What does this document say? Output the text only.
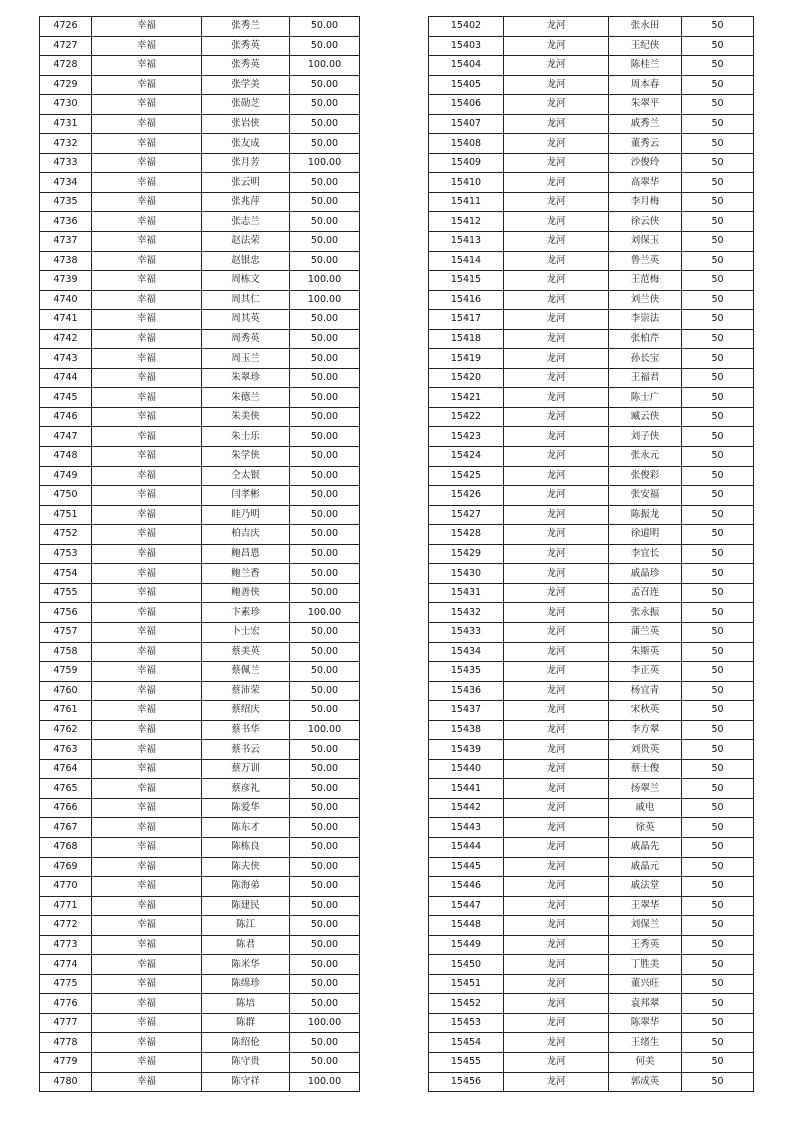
4726	幸福	张秀兰	50.00
4727	幸福	张秀英	50.00
4728	幸福	张秀英	100.00
4729	幸福	张学美	50.00
4730	幸福	张勋芝	50.00
4731	幸福	张岩侠	50.00
4732	幸福	张友成	50.00
4733	幸福	张月芳	100.00
4734	幸福	张云明	50.00
4735	幸福	张兆萍	50.00
4736	幸福	张志兰	50.00
4737	幸福	赵法荣	50.00
4738	幸福	赵银忠	50.00
4739	幸福	周栋文	100.00
4740	幸福	周其仁	100.00
4741	幸福	周其英	50.00
4742	幸福	周秀英	50.00
4743	幸福	周玉兰	50.00
4744	幸福	朱翠珍	50.00
4745	幸福	朱德兰	50.00
4746	幸福	朱美侠	50.00
4747	幸福	朱士乐	50.00
4748	幸福	朱学侠	50.00
4749	幸福	仝太银	50.00
4750	幸福	闫孝彬	50.00
4751	幸福	眭乃明	50.00
4752	幸福	柏吉庆	50.00
4753	幸福	鲍昌恩	50.00
4754	幸福	鲍兰香	50.00
4755	幸福	鲍善侠	50.00
4756	幸福	卞素珍	100.00
4757	幸福	卜士宏	50.00
4758	幸福	蔡美英	50.00
4759	幸福	蔡佩兰	50.00
4760	幸福	蔡沛荣	50.00
4761	幸福	蔡绍庆	50.00
4762	幸福	蔡书华	100.00
4763	幸福	蔡书云	50.00
4764	幸福	蔡万训	50.00
4765	幸福	蔡彦礼	50.00
4766	幸福	陈爱华	50.00
4767	幸福	陈东才	50.00
4768	幸福	陈栋良	50.00
4769	幸福	陈夫侠	50.00
4770	幸福	陈海弟	50.00
4771	幸福	陈建民	50.00
4772	幸福	陈江	50.00
4773	幸福	陈君	50.00
4774	幸福	陈米华	50.00
4775	幸福	陈绵珍	50.00
4776	幸福	陈培	50.00
4777	幸福	陈群	100.00
4778	幸福	陈绍伦	50.00
4779	幸福	陈守贵	50.00
4780	幸福	陈守祥	100.00
15402	龙河	张永田	50
15403	龙河	王纪侠	50
15404	龙河	陈桂兰	50
15405	龙河	周本春	50
15406	龙河	朱翠平	50
15407	龙河	戚秀兰	50
15408	龙河	董秀云	50
15409	龙河	沙俊玲	50
15410	龙河	高翠华	50
15411	龙河	李月梅	50
15412	龙河	徐云侠	50
15413	龙河	刘保玉	50
15414	龙河	鲁兰英	50
15415	龙河	王范梅	50
15416	龙河	刘兰侠	50
15417	龙河	李崇法	50
15418	龙河	张柏芹	50
15419	龙河	孙长宝	50
15420	龙河	王福君	50
15421	龙河	陈士广	50
15422	龙河	臧云侠	50
15423	龙河	刘子侠	50
15424	龙河	张永元	50
15425	龙河	张俊彩	50
15426	龙河	张安福	50
15427	龙河	陈振龙	50
15428	龙河	徐道明	50
15429	龙河	李宜长	50
15430	龙河	戚晶珍	50
15431	龙河	孟召连	50
15432	龙河	张永振	50
15433	龙河	蒲兰英	50
15434	龙河	朱斯英	50
15435	龙河	李正英	50
15436	龙河	杨宜青	50
15437	龙河	宋秋英	50
15438	龙河	李方翠	50
15439	龙河	刘贵英	50
15440	龙河	蔡士俊	50
15441	龙河	扬翠兰	50
15442	龙河	戚电	50
15443	龙河	徐英	50
15444	龙河	戚晶先	50
15445	龙河	戚晶元	50
15446	龙河	戚法堂	50
15447	龙河	王翠华	50
15448	龙河	刘保兰	50
15449	龙河	王秀英	50
15450	龙河	丁胜美	50
15451	龙河	董兴旺	50
15452	龙河	袁邦翠	50
15453	龙河	陈翠华	50
15454	龙河	王绪生	50
15455	龙河	何美	50
15456	龙河	郭成英	50
